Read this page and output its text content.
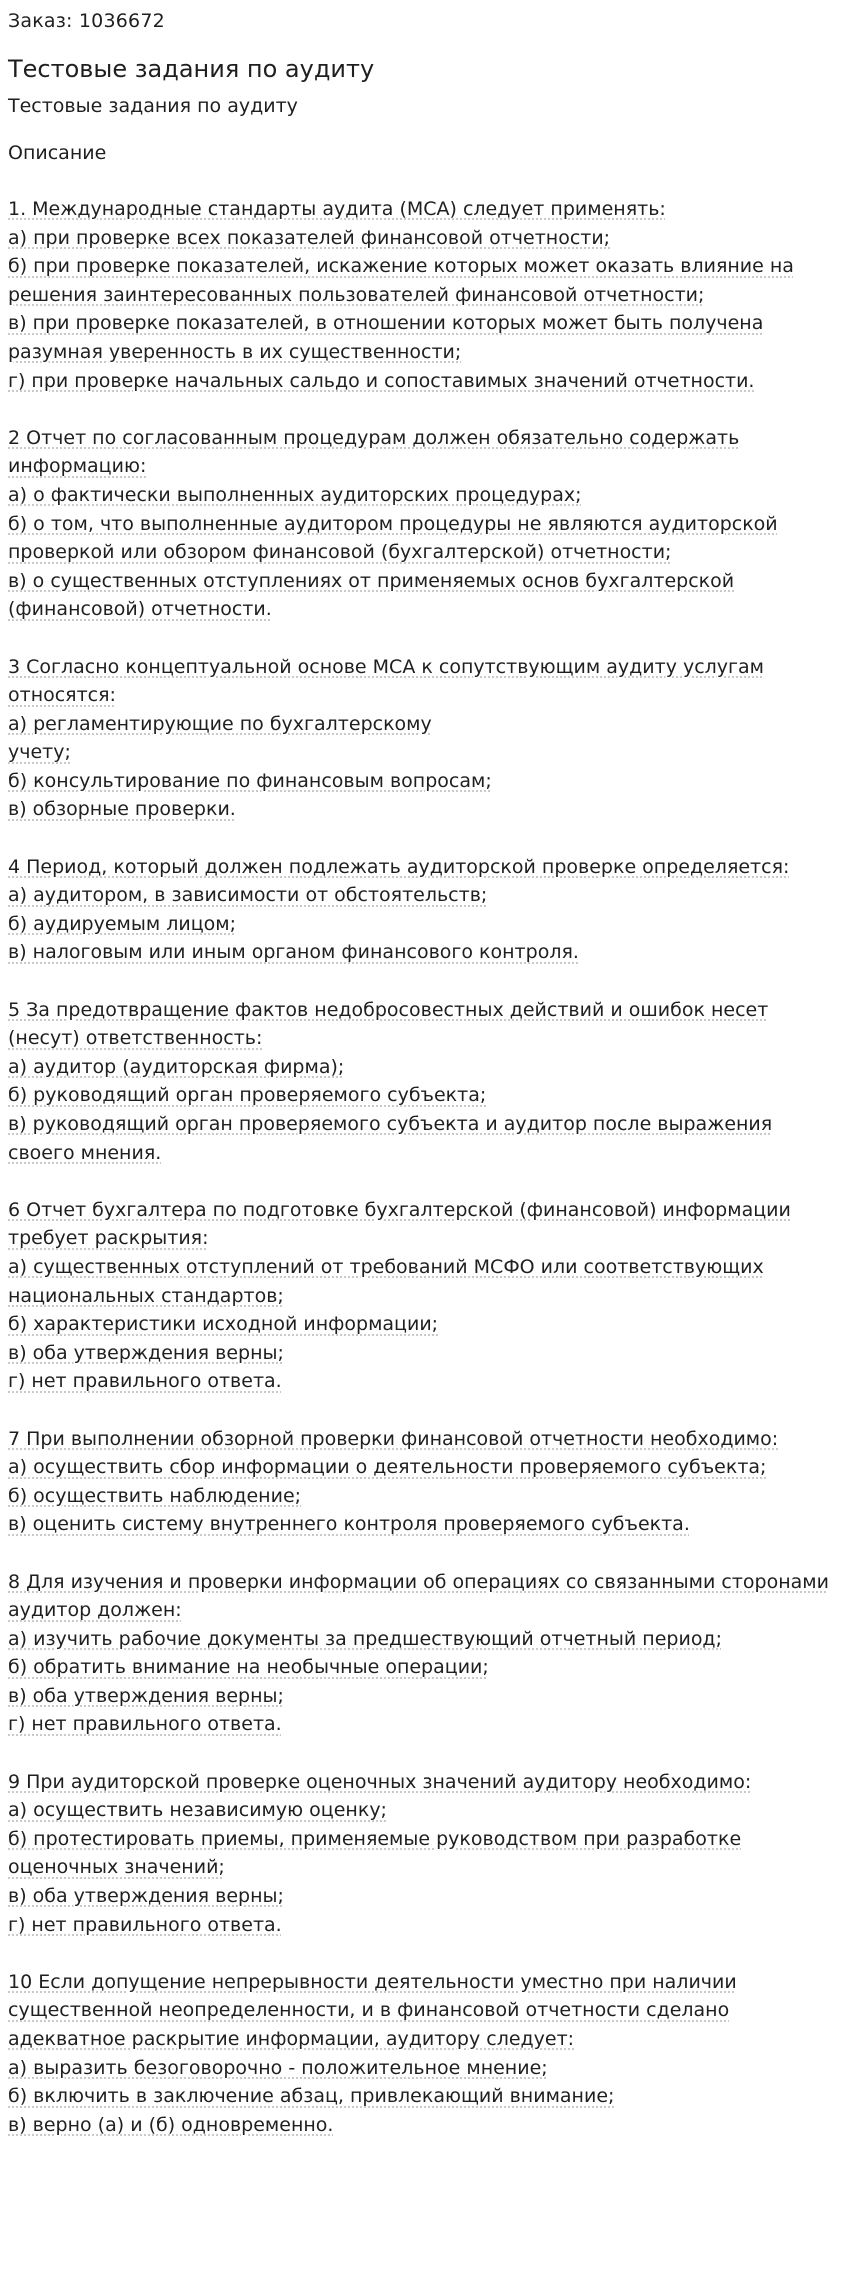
Заказ: 1036672

Тестовые задания по аудиту

Тестовые задания по аудиту

Описание

1. Международные стандарты аудита (МСА) следует применять:
а) при проверке всех показателей финансовой отчетности;
б) при проверке показателей, искажение которых может оказать влияние на
решения заинтересованных пользователей финансовой отчетности;
в) при проверке показателей, в отношении которых может быть получена
разумная уверенность в их существенности;
г) при проверке начальных сальдо и сопоставимых значений отчетности.
2 Отчет по согласованным процедурам должен обязательно содержать
информацию:
а) о фактически выполненных аудиторских процедурах;
б) о том, что выполненные аудитором процедуры не являются аудиторской
проверкой или обзором финансовой (бухгалтерской) отчетности;
в) о существенных отступлениях от применяемых основ бухгалтерской
(финансовой) отчетности.
3 Согласно концептуальной основе МСА к сопутствующим аудиту услугам
относятся:
а) регламентирующие по бухгалтерскому
учету;
б) консультирование по финансовым вопросам;
в) обзорные проверки.
4 Период, который должен подлежать аудиторской проверке определяется:
а) аудитором, в зависимости от обстоятельств;
б) аудируемым лицом;
в) налоговым или иным органом финансового контроля.
5 За предотвращение фактов недобросовестных действий и ошибок несет
(несут) ответственность:
а) аудитор (аудиторская фирма);
б) руководящий орган проверяемого субъекта;
в) руководящий орган проверяемого субъекта и аудитор после выражения
своего мнения.
6 Отчет бухгалтера по подготовке бухгалтерской (финансовой) информации
требует раскрытия:
а) существенных отступлений от требований МСФО или соответствующих
национальных стандартов;
б) характеристики исходной информации;
в) оба утверждения верны;
г) нет правильного ответа.
7 При выполнении обзорной проверки финансовой отчетности необходимо:
а) осуществить сбор информации о деятельности проверяемого субъекта;
б) осуществить наблюдение;
в) оценить систему внутреннего контроля проверяемого субъекта.
8 Для изучения и проверки информации об операциях со связанными сторонами
аудитор должен:
а) изучить рабочие документы за предшествующий отчетный период;
б) обратить внимание на необычные операции;
в) оба утверждения верны;
г) нет правильного ответа.
9 При аудиторской проверке оценочных значений аудитору необходимо:
а) осуществить независимую оценку;
б) протестировать приемы, применяемые руководством при разработке
оценочных значений;
в) оба утверждения верны;
г) нет правильного ответа.
10 Если допущение непрерывности деятельности уместно при наличии
существенной неопределенности, и в финансовой отчетности сделано
адекватное раскрытие информации, аудитору следует:
а) выразить безоговорочно - положительное мнение;
б) включить в заключение абзац, привлекающий внимание;
в) верно (а) и (б) одновременно.
